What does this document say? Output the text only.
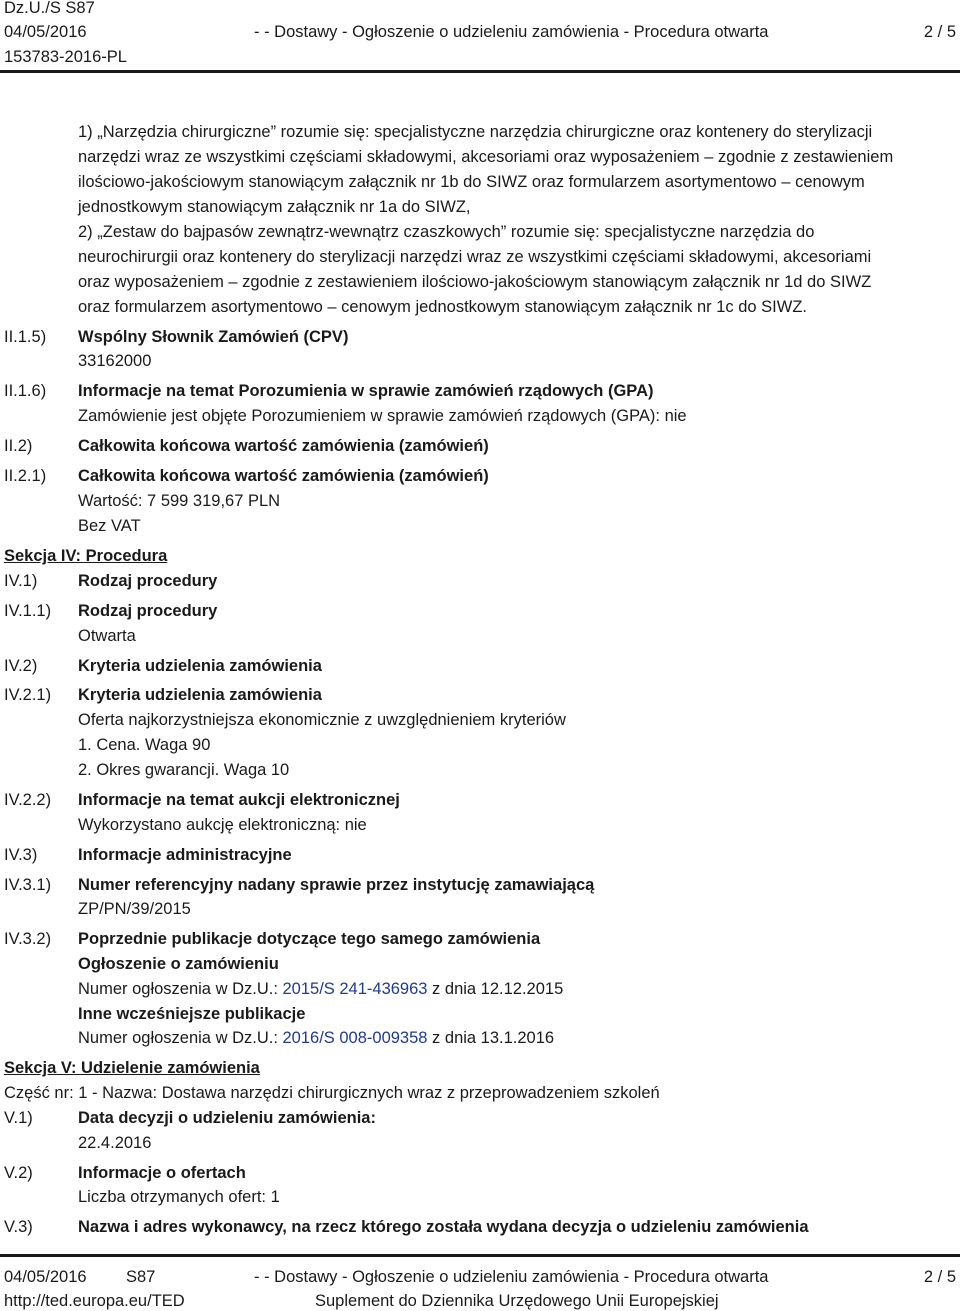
Dz.U./S S87
04/05/2016	- - Dostawy - Ogłoszenie o udzieleniu zamówienia - Procedura otwarta	2 / 5
153783-2016-PL
1) „Narzędzia chirurgiczne” rozumie się: specjalistyczne narzędzia chirurgiczne oraz kontenery do sterylizacji
narzędzi wraz ze wszystkimi częściami składowymi, akcesoriami oraz wyposażeniem – zgodnie z zestawieniem
ilościowo-jakościowym stanowiącym załącznik nr 1b do SIWZ oraz formularzem asortymentowo – cenowym
jednostkowym stanowiącym załącznik nr 1a do SIWZ,
2) „Zestaw do bajpasów zewnątrz-wewnątrz czaszkowych” rozumie się: specjalistyczne narzędzia do
neurochirurgii oraz kontenery do sterylizacji narzędzi wraz ze wszystkimi częściami składowymi, akcesoriami
oraz wyposażeniem – zgodnie z zestawieniem ilościowo-jakościowym stanowiącym załącznik nr 1d do SIWZ
oraz formularzem asortymentowo – cenowym jednostkowym stanowiącym załącznik nr 1c do SIWZ.
II.1.5) Wspólny Słownik Zamówień (CPV)
33162000
II.1.6) Informacje na temat Porozumienia w sprawie zamówień rządowych (GPA)
Zamówienie jest objęte Porozumieniem w sprawie zamówień rządowych (GPA): nie
II.2)	Całkowita końcowa wartość zamówienia (zamówień)
II.2.1) Całkowita końcowa wartość zamówienia (zamówień)
Wartość: 7 599 319,67 PLN
Bez VAT
Sekcja IV: Procedura
IV.1) Rodzaj procedury
IV.1.1) Rodzaj procedury
Otwarta
IV.2) Kryteria udzielenia zamówienia
IV.2.1) Kryteria udzielenia zamówienia
Oferta najkorzystniejsza ekonomicznie z uwzględnieniem kryteriów
1. Cena. Waga 90
2. Okres gwarancji. Waga 10
IV.2.2) Informacje na temat aukcji elektronicznej
Wykorzystano aukcję elektroniczną: nie
IV.3) Informacje administracyjne
IV.3.1) Numer referencyjny nadany sprawie przez instytucję zamawiającą
ZP/PN/39/2015
IV.3.2) Poprzednie publikacje dotyczące tego samego zamówienia
Ogłoszenie o zamówieniu
Numer ogłoszenia w Dz.U.: 2015/S 241-436963 z dnia 12.12.2015
Inne wcześniejsze publikacje
Numer ogłoszenia w Dz.U.: 2016/S 008-009358 z dnia 13.1.2016
Sekcja V: Udzielenie zamówienia
Część nr: 1 - Nazwa: Dostawa narzędzi chirurgicznych wraz z przeprowadzeniem szkoleń
V.1)	Data decyzji o udzieleniu zamówienia:
22.4.2016
V.2)	Informacje o ofertach
Liczba otrzymanych ofert: 1
V.3)	Nazwa i adres wykonawcy, na rzecz którego została wydana decyzja o udzieleniu zamówienia
04/05/2016 S87	- - Dostawy - Ogłoszenie o udzieleniu zamówienia - Procedura otwarta	2 / 5
http://ted.europa.eu/TED	Suplement do Dziennika Urzędowego Unii Europejskiej
